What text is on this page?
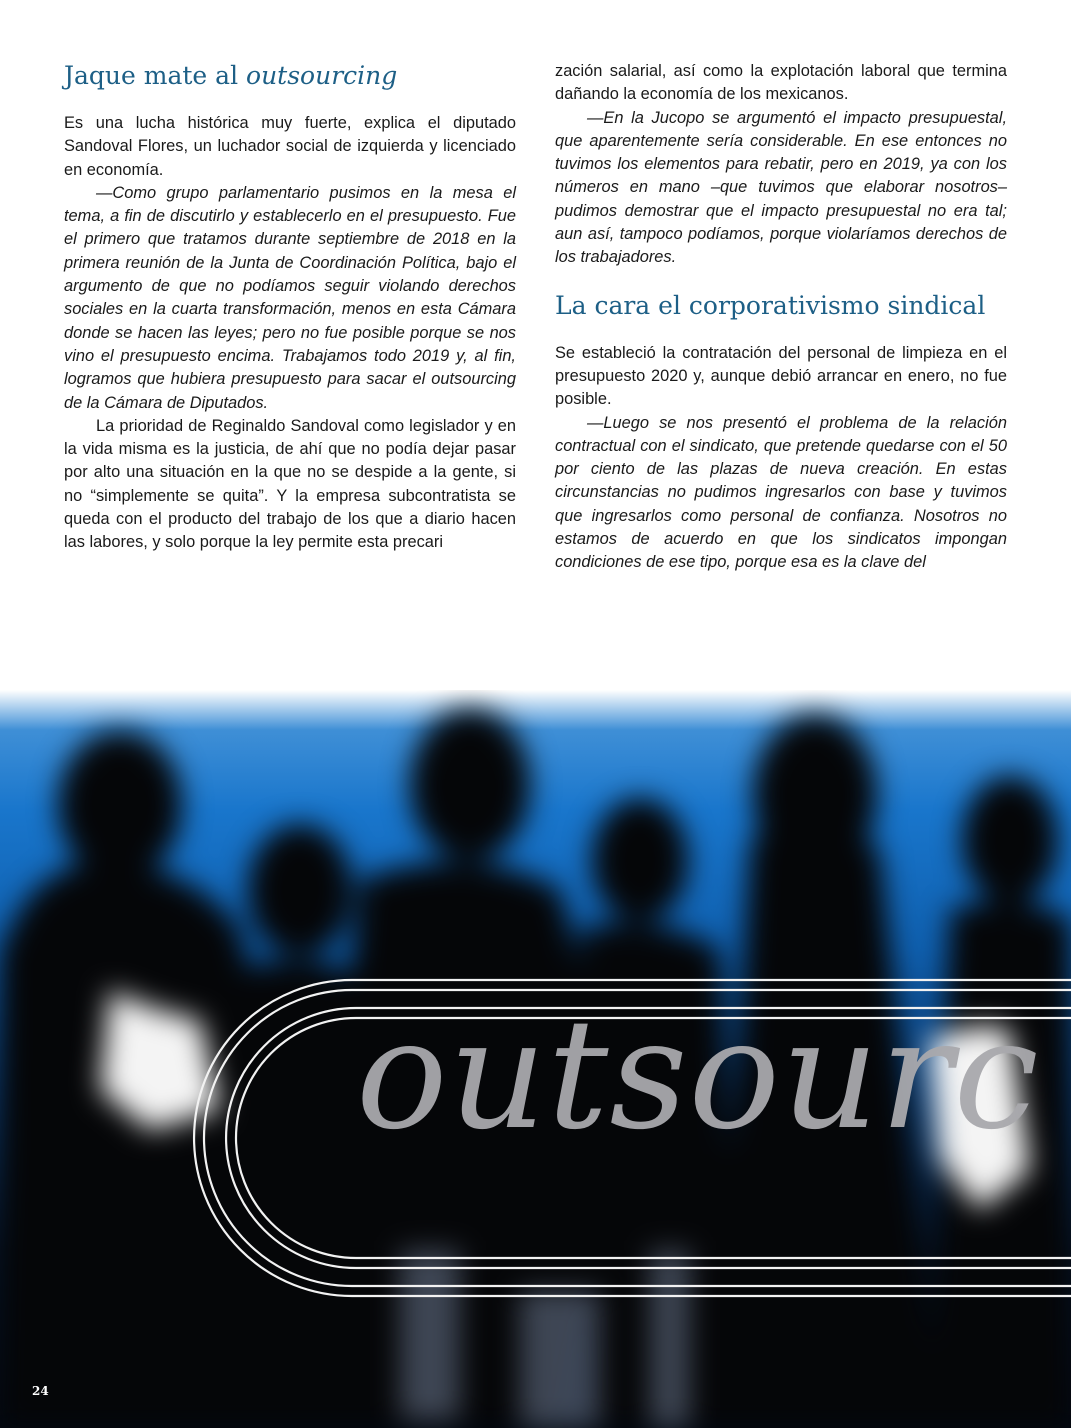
Jaque mate al outsourcing

Es una lucha histórica muy fuerte, explica el diputado Sandoval Flores, un luchador social de izquierda y licenciado en economía.

—Como grupo parlamentario pusimos en la mesa el tema, a fin de discutirlo y establecerlo en el presupuesto. Fue el primero que tratamos durante septiembre de 2018 en la primera reunión de la Junta de Coordinación Política, bajo el argumento de que no podíamos seguir violando derechos sociales en la cuarta transformación, menos en esta Cámara donde se hacen las leyes; pero no fue posible porque se nos vino el presupuesto encima. Trabajamos todo 2019 y, al fin, logramos que hubiera presupuesto para sacar el outsourcing de la Cámara de Diputados.

La prioridad de Reginaldo Sandoval como legislador y en la vida misma es la justicia, de ahí que no podía dejar pasar por alto una situación en la que no se despide a la gente, si no “simplemente se quita”. Y la empresa subcontratista se queda con el producto del trabajo de los que a diario hacen las labores, y solo porque la ley permite esta precari

zación salarial, así como la explotación laboral que termina dañando la economía de los mexicanos.

—En la Jucopo se argumentó el impacto presupuestal, que aparentemente sería considerable. En ese entonces no tuvimos los elementos para rebatir, pero en 2019, ya con los números en mano –que tuvimos que elaborar nosotros– pudimos demostrar que el impacto presupuestal no era tal; aun así, tampoco podíamos, porque violaríamos derechos de los trabajadores.

La cara el corporativismo sindical

Se estableció la contratación del personal de limpieza en el presupuesto 2020 y, aunque debió arrancar en enero, no fue posible.

—Luego se nos presentó el problema de la relación contractual con el sindicato, que pretende quedarse con el 50 por ciento de las plazas de nueva creación. En estas circunstancias no pudimos ingresarlos con base y tuvimos que ingresarlos como personal de confianza. Nosotros no estamos de acuerdo en que los sindicatos impongan condiciones de ese tipo, porque esa es la clave del

outsourc
24
